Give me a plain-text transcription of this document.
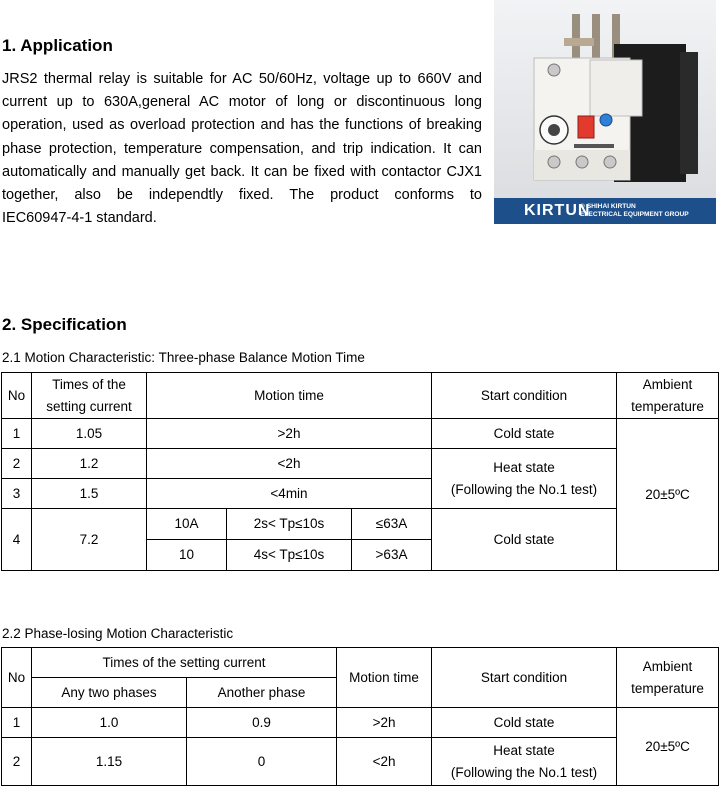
1. Application

JRS2 thermal relay is suitable for AC 50/60Hz, voltage up to 660V and
current up to 630A,general AC motor of long or discontinuous long
operation, used as overload protection and has the functions of breaking
phase protection, temperature compensation, and trip indication. It can
automatically and manually get back. It can be fixed with contactor CJX1
together, also be independtly fixed. The product conforms to
IEC60947-4-1 standard.	KIRTUN
® SHIHAI KIRTUN
ELECTRICAL EQUIPMENT GROUP
2. Specification

2.1 Motion Characteristic: Three-phase Balance Motion Time

No	Times of the
setting current	Motion time			Start condition	Ambient
temperature

1	1.05	>2h			Cold state	20±5ºC
2	1.2	<2h			Heat state
(Following the No.1 test)	

3	1.5	<4min				
4	7.2	10A	2s< Tp≤10s	≤63A	Cold state	
		10	4s< Tp≤10s	>63A		

2.2 Phase-losing Motion Characteristic

No	Times of the setting current		Motion time	Start condition	Ambient
temperature

	Any two phases	Another phase			
1	1.0	0.9	>2h	Cold state	20±5ºC
2	1.15	0	<2h	Heat state
(Following the No.1 test)	
